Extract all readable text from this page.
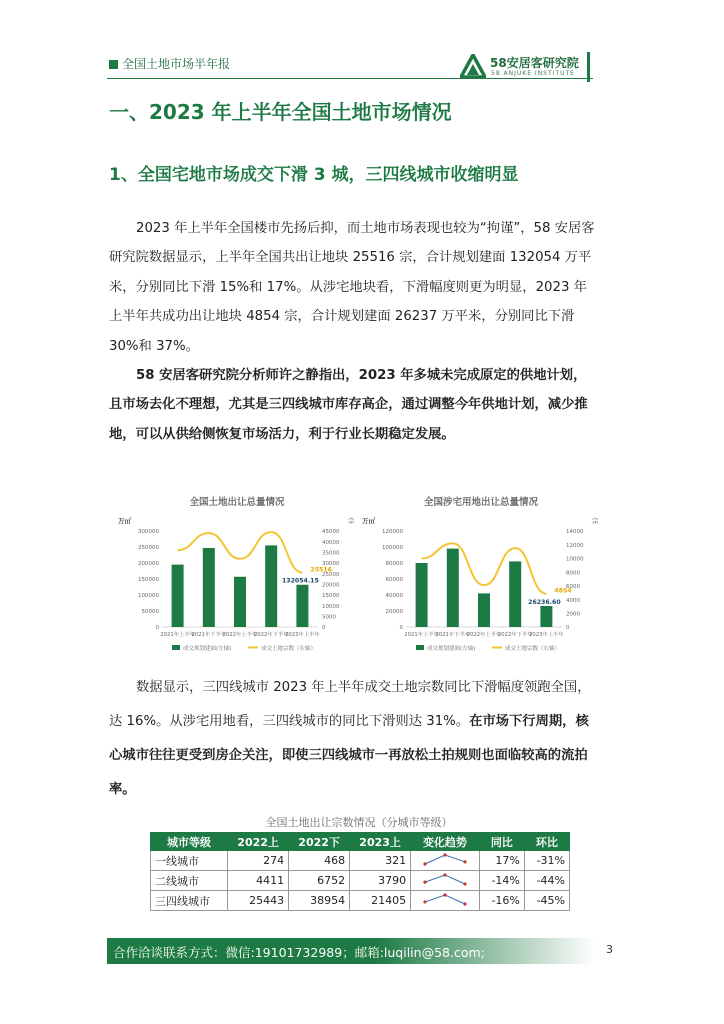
全国土地市场半年报	58安居客研究院
58 ANJUKE INSTITUTE
一、2023 年上半年全国土地市场情况
1、全国宅地市场成交下滑 3 城，三四线城市收缩明显

2023 年上半年全国楼市先扬后抑，而土地市场表现也较为“拘谨”，58 安居客研究院数据显示，上半年全国共出让地块 25516 宗，合计规划建面 132054 万平米，分别同比下滑 15%和 17%。从涉宅地块看，下滑幅度则更为明显，2023 年上半年共成功出让地块 4854 宗，合计规划建面 26237 万平米，分别同比下滑 30%和 37%。

58 安居客研究院分析师许之静指出，2023 年多城未完成原定的供地计划，且市场去化不理想，尤其是三四线城市库存高企，通过调整今年供地计划，减少推地，可以从供给侧恢复市场活力，利于行业长期稳定发展。

全国土地出让总量情况
万㎡	宗
0
50000
100000
150000
200000
250000
300000
0
5000
10000
15000
20000
25000
30000
35000
40000
45000
2021年上半年
2021年下半年
2022年上半年
2022年下半年
2023年上半年
132054.15
25516
成交规划建面(左轴)	成交土地宗数（右轴）
全国涉宅用地出让总量情况
万㎡	宗
0
20000
40000
60000
80000
100000
120000
0
2000
4000
6000
8000
10000
12000
14000
2021年上半年
2021年下半年
2022年上半年
2022年下半年
2023年上半年
26236.60
4854
成交规划建面(左轴)	成交土地宗数（右轴）

数据显示，三四线城市 2023 年上半年成交土地宗数同比下滑幅度领跑全国，达 16%。从涉宅用地看，三四线城市的同比下滑则达 31%。在市场下行周期，核心城市往往更受到房企关注，即使三四线城市一再放松土拍规则也面临较高的流拍率。

全国土地出让宗数情况（分城市等级）
城市等级	2022上	2022下	2023上	变化趋势	同比	环比
一线城市	274	468	321		17%	-31%
二线城市	4411	6752	3790		-14%	-44%
三四线城市	25443	38954	21405		-16%	-45%
合作洽谈联系方式：微信:19101732989；邮箱:luqilin@58.com;	3
